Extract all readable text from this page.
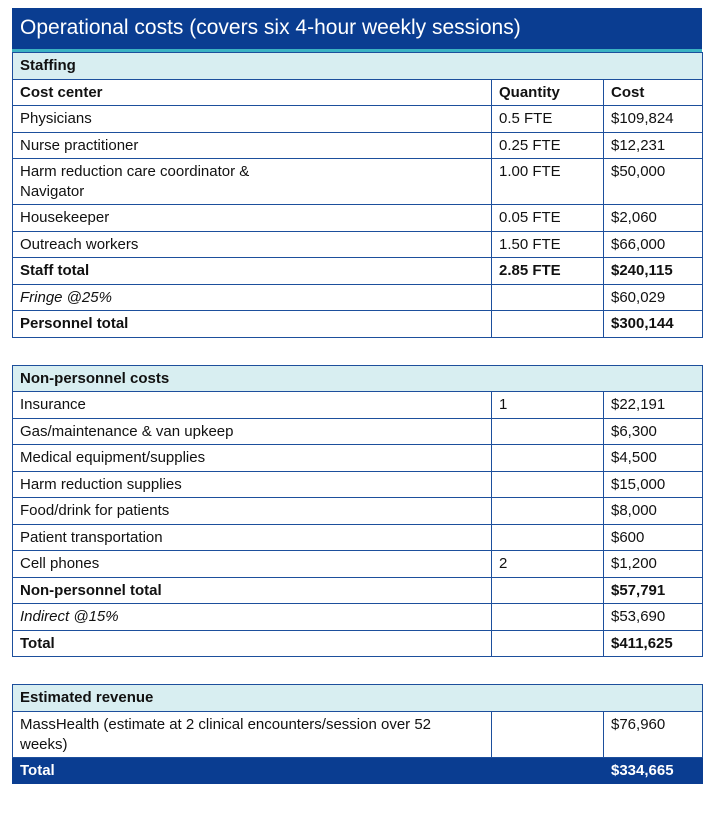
Operational costs (covers six 4-hour weekly sessions)
Staffing		
Cost center	Quantity	Cost
Physicians	0.5 FTE	$109,824
Nurse practitioner	0.25 FTE	$12,231

Harm reduction care coordinator & Navigator	1.00 FTE	$50,000
Housekeeper	0.05 FTE	$2,060
Outreach workers	1.50 FTE	$66,000
Staff total	2.85 FTE	$240,115
Fringe @25%		$60,029
Personnel total		$300,144

Non-personnel costs		
Insurance	1	$22,191
Gas/maintenance & van upkeep		$6,300
Medical equipment/supplies		$4,500
Harm reduction supplies		$15,000
Food/drink for patients		$8,000
Patient transportation		$600
Cell phones	2	$1,200
Non-personnel total		$57,791
Indirect @15%		$53,690
Total		$411,625

Estimated revenue		

MassHealth (estimate at 2 clinical encounters/session over 52 weeks)		$76,960
Total		$334,665
